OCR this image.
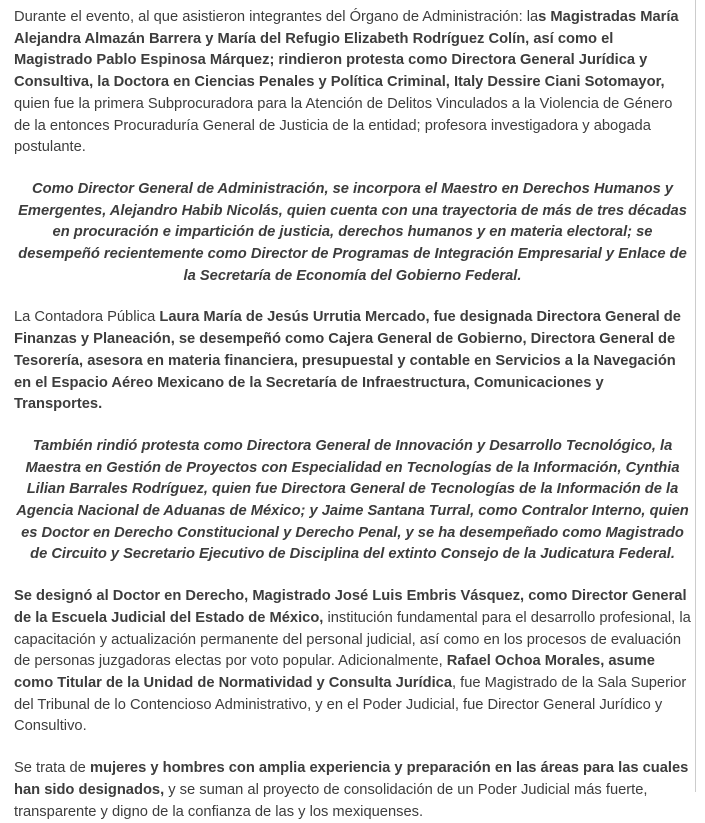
Durante el evento, al que asistieron integrantes del Órgano de Administración: las Magistradas María Alejandra Almazán Barrera y María del Refugio Elizabeth Rodríguez Colín, así como el Magistrado Pablo Espinosa Márquez; rindieron protesta como Directora General Jurídica y Consultiva, la Doctora en Ciencias Penales y Política Criminal, Italy Dessire Ciani Sotomayor, quien fue la primera Subprocuradora para la Atención de Delitos Vinculados a la Violencia de Género de la entonces Procuraduría General de Justicia de la entidad; profesora investigadora y abogada postulante.

Como Director General de Administración, se incorpora el Maestro en Derechos Humanos y Emergentes, Alejandro Habib Nicolás, quien cuenta con una trayectoria de más de tres décadas en procuración e impartición de justicia, derechos humanos y en materia electoral; se desempeñó recientemente como Director de Programas de Integración Empresarial y Enlace de la Secretaría de Economía del Gobierno Federal.

La Contadora Pública Laura María de Jesús Urrutia Mercado, fue designada Directora General de Finanzas y Planeación, se desempeñó como Cajera General de Gobierno, Directora General de Tesorería, asesora en materia financiera, presupuestal y contable en Servicios a la Navegación en el Espacio Aéreo Mexicano de la Secretaría de Infraestructura, Comunicaciones y Transportes.

También rindió protesta como Directora General de Innovación y Desarrollo Tecnológico, la Maestra en Gestión de Proyectos con Especialidad en Tecnologías de la Información, Cynthia Lilian Barrales Rodríguez, quien fue Directora General de Tecnologías de la Información de la Agencia Nacional de Aduanas de México; y Jaime Santana Turral, como Contralor Interno, quien es Doctor en Derecho Constitucional y Derecho Penal, y se ha desempeñado como Magistrado de Circuito y Secretario Ejecutivo de Disciplina del extinto Consejo de la Judicatura Federal.

Se designó al Doctor en Derecho, Magistrado José Luis Embris Vásquez, como Director General de la Escuela Judicial del Estado de México, institución fundamental para el desarrollo profesional, la capacitación y actualización permanente del personal judicial, así como en los procesos de evaluación de personas juzgadoras electas por voto popular. Adicionalmente, Rafael Ochoa Morales, asume como Titular de la Unidad de Normatividad y Consulta Jurídica, fue Magistrado de la Sala Superior del Tribunal de lo Contencioso Administrativo, y en el Poder Judicial, fue Director General Jurídico y Consultivo.

Se trata de mujeres y hombres con amplia experiencia y preparación en las áreas para las cuales han sido designados, y se suman al proyecto de consolidación de un Poder Judicial más fuerte, transparente y digno de la confianza de las y los mexiquenses.
